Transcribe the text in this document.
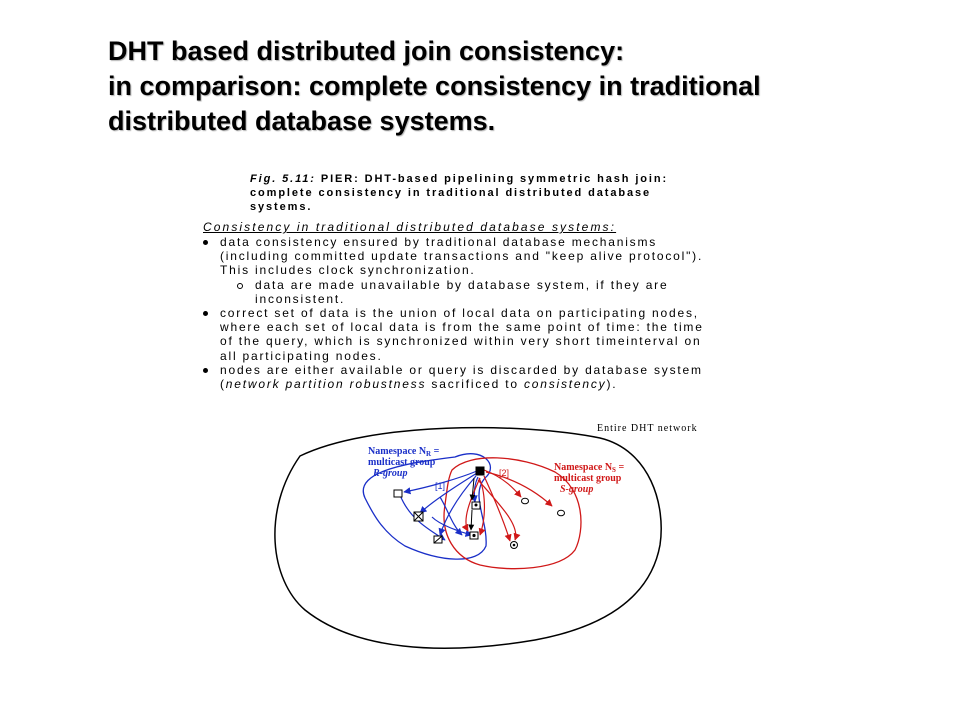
DHT based distributed join consistency:
in comparison: complete consistency in traditional
distributed database systems.
Fig. 5.11: PIER: DHT-based pipelining symmetric hash join:
complete consistency in traditional distributed database
systems.
Consistency in traditional distributed database systems:
data consistency ensured by traditional database mechanisms
(including committed update transactions and "keep alive protocol").
This includes clock synchronization.
data are made unavailable by database system, if they are
inconsistent.
correct set of data is the union of local data on participating nodes,
where each set of local data is from the same point of time: the time
of the query, which is synchronized within very short timeinterval on
all participating nodes.
nodes are either available or query is discarded by database system
(network partition robustness sacrificed to consistency).
Entire DHT network
Namespace $N_R$ =
multicast group
R-group
Namespace $N_S$ =
multicast group
S-group
[1]
[2]
